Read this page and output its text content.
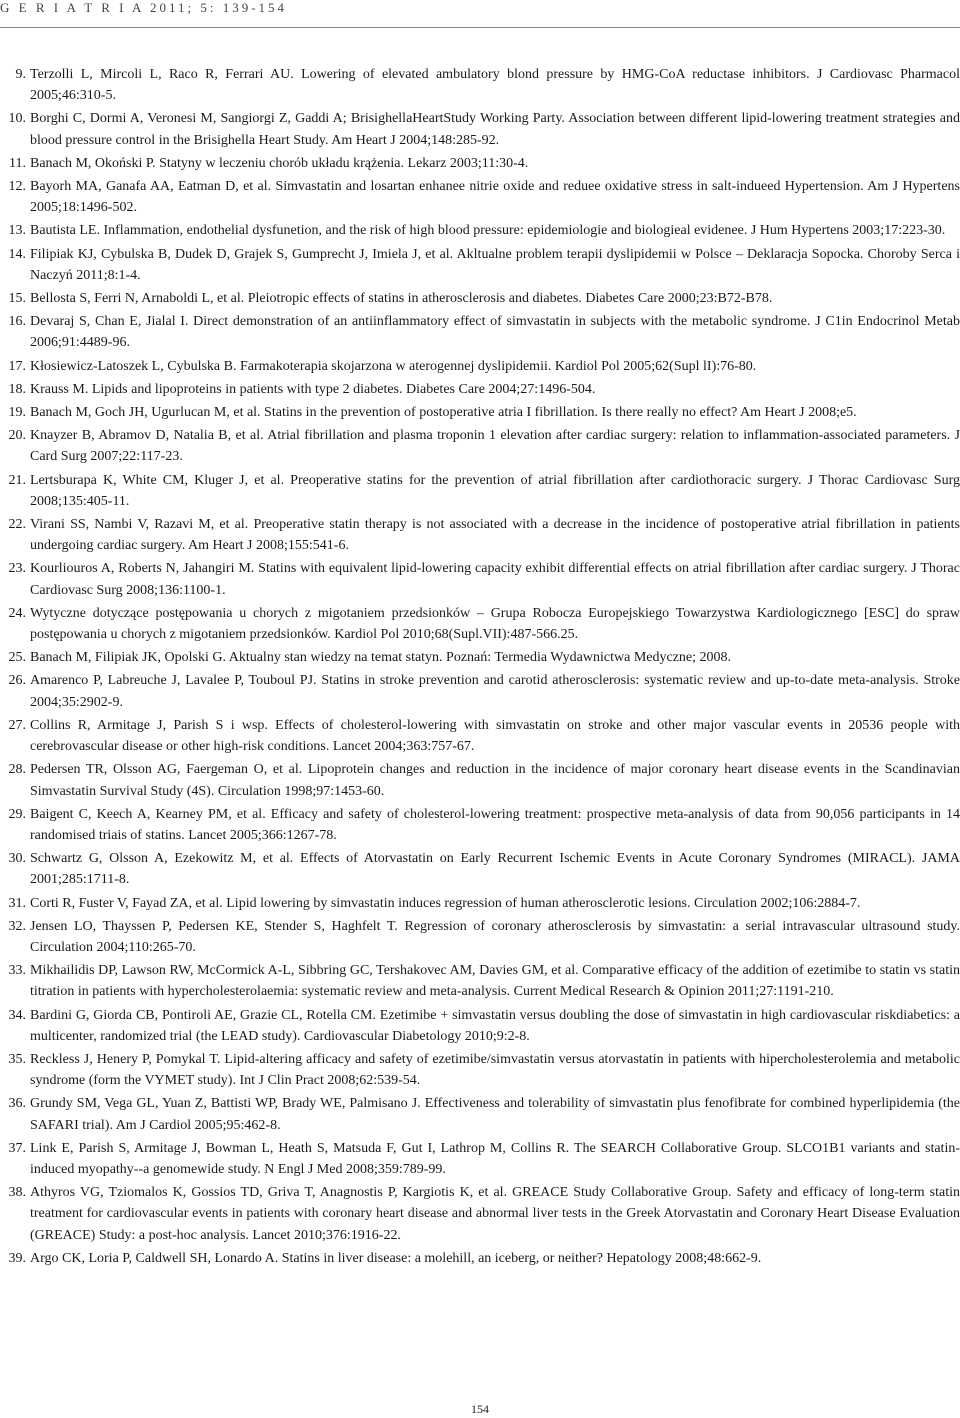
G E R I A T R I A 2011; 5: 139-154
9. Terzolli L, Mircoli L, Raco R, Ferrari AU. Lowering of elevated ambulatory blond pressure by HMG-CoA reductase inhibitors. J Cardiovasc Pharmacol 2005;46:310-5.
10. Borghi C, Dormi A, Veronesi M, Sangiorgi Z, Gaddi A; BrisighellaHeartStudy Working Party. Association between different lipid-lowering treatment strategies and blood pressure control in the Brisighella Heart Study. Am Heart J 2004;148:285-92.
11. Banach M, Okoński P. Statyny w leczeniu chorób układu krążenia. Lekarz 2003;11:30-4.
12. Bayorh MA, Ganafa AA, Eatman D, et al. Simvastatin and losartan enhanee nitrie oxide and reduee oxidative stress in salt-indueed Hypertension. Am J Hypertens 2005;18:1496-502.
13. Bautista LE. Inflammation, endothelial dysfunetion, and the risk of high blood pressure: epidemiologie and biologieal evidenee. J Hum Hypertens 2003;17:223-30.
14. Filipiak KJ, Cybulska B, Dudek D, Grajek S, Gumprecht J, Imiela J, et al. Akltualne problem terapii dyslipidemii w Polsce – Deklaracja Sopocka. Choroby Serca i Naczyń 2011;8:1-4.
15. Bellosta S, Ferri N, Arnaboldi L, et al. Pleiotropic effects of statins in atherosclerosis and diabetes. Diabetes Care 2000;23:B72-B78.
16. Devaraj S, Chan E, Jialal I. Direct demonstration of an antiinflammatory effect of simvastatin in subjects with the metabolic syndrome. J C1in Endocrinol Metab 2006;91:4489-96.
17. Kłosiewicz-Latoszek L, Cybulska B. Farmakoterapia skojarzona w aterogennej dyslipidemii. Kardiol Pol 2005;62(Supl lI):76-80.
18. Krauss M. Lipids and lipoproteins in patients with type 2 diabetes. Diabetes Care 2004;27:1496-504.
19. Banach M, Goch JH, Ugurlucan M, et al. Statins in the prevention of postoperative atria I fibrillation. Is there really no effect? Am Heart J 2008;e5.
20. Knayzer B, Abramov D, Natalia B, et al. Atrial fibrillation and plasma troponin 1 elevation after cardiac surgery: relation to inflammation-associated parameters. J Card Surg 2007;22:117-23.
21. Lertsburapa K, White CM, Kluger J, et al. Preoperative statins for the prevention of atrial fibrillation after cardiothoracic surgery. J Thorac Cardiovasc Surg 2008;135:405-11.
22. Virani SS, Nambi V, Razavi M, et al. Preoperative statin therapy is not associated with a decrease in the incidence of postoperative atrial fibrillation in patients undergoing cardiac surgery. Am Heart J 2008;155:541-6.
23. Kourliouros A, Roberts N, Jahangiri M. Statins with equivalent lipid-lowering capacity exhibit differential effects on atrial fibrillation after cardiac surgery. J Thorac Cardiovasc Surg 2008;136:1100-1.
24. Wytyczne dotyczące postępowania u chorych z migotaniem przedsionków – Grupa Robocza Europejskiego Towarzystwa Kardiologicznego [ESC] do spraw postępowania u chorych z migotaniem przedsionków. Kardiol Pol 2010;68(Supl.VII):487-566.25.
25. Banach M, Filipiak JK, Opolski G. Aktualny stan wiedzy na temat statyn. Poznań: Termedia Wydawnictwa Medyczne; 2008.
26. Amarenco P, Labreuche J, Lavalee P, Touboul PJ. Statins in stroke prevention and carotid atherosclerosis: systematic review and up-to-date meta-analysis. Stroke 2004;35:2902-9.
27. Collins R, Armitage J, Parish S i wsp. Effects of cholesterol-lowering with simvastatin on stroke and other major vascular events in 20536 people with cerebrovascular disease or other high-risk conditions. Lancet 2004;363:757-67.
28. Pedersen TR, Olsson AG, Faergeman O, et al. Lipoprotein changes and reduction in the incidence of major coronary heart disease events in the Scandinavian Simvastatin Survival Study (4S). Circulation 1998;97:1453-60.
29. Baigent C, Keech A, Kearney PM, et al. Efficacy and safety of cholesterol-lowering treatment: prospective meta-analysis of data from 90,056 participants in 14 randomised triais of statins. Lancet 2005;366:1267-78.
30. Schwartz G, Olsson A, Ezekowitz M, et al. Effects of Atorvastatin on Early Recurrent Ischemic Events in Acute Coronary Syndromes (MIRACL). JAMA 2001;285:1711-8.
31. Corti R, Fuster V, Fayad ZA, et al. Lipid lowering by simvastatin induces regression of human atherosclerotic lesions. Circulation 2002;106:2884-7.
32. Jensen LO, Thayssen P, Pedersen KE, Stender S, Haghfelt T. Regression of coronary atherosclerosis by simvastatin: a serial intravascular ultrasound study. Circulation 2004;110:265-70.
33. Mikhailidis DP, Lawson RW, McCormick A-L, Sibbring GC, Tershakovec AM, Davies GM, et al. Comparative efficacy of the addition of ezetimibe to statin vs statin titration in patients with hypercholesterolaemia: systematic review and meta-analysis. Current Medical Research & Opinion 2011;27:1191-210.
34. Bardini G, Giorda CB, Pontiroli AE, Grazie CL, Rotella CM. Ezetimibe + simvastatin versus doubling the dose of simvastatin in high cardiovascular riskdiabetics: a multicenter, randomized trial (the LEAD study). Cardiovascular Diabetology 2010;9:2-8.
35. Reckless J, Henery P, Pomykal T. Lipid-altering afficacy and safety of ezetimibe/simvastatin versus atorvastatin in patients with hipercholesterolemia and metabolic syndrome (form the VYMET study). Int J Clin Pract 2008;62:539-54.
36. Grundy SM, Vega GL, Yuan Z, Battisti WP, Brady WE, Palmisano J. Effectiveness and tolerability of simvastatin plus fenofibrate for combined hyperlipidemia (the SAFARI trial). Am J Cardiol 2005;95:462-8.
37. Link E, Parish S, Armitage J, Bowman L, Heath S, Matsuda F, Gut I, Lathrop M, Collins R. The SEARCH Collaborative Group. SLCO1B1 variants and statin-induced myopathy--a genomewide study. N Engl J Med 2008;359:789-99.
38. Athyros VG, Tziomalos K, Gossios TD, Griva T, Anagnostis P, Kargiotis K, et al. GREACE Study Collaborative Group. Safety and efficacy of long-term statin treatment for cardiovascular events in patients with coronary heart disease and abnormal liver tests in the Greek Atorvastatin and Coronary Heart Disease Evaluation (GREACE) Study: a post-hoc analysis. Lancet 2010;376:1916-22.
39. Argo CK, Loria P, Caldwell SH, Lonardo A. Statins in liver disease: a molehill, an iceberg, or neither? Hepatology 2008;48:662-9.
154
